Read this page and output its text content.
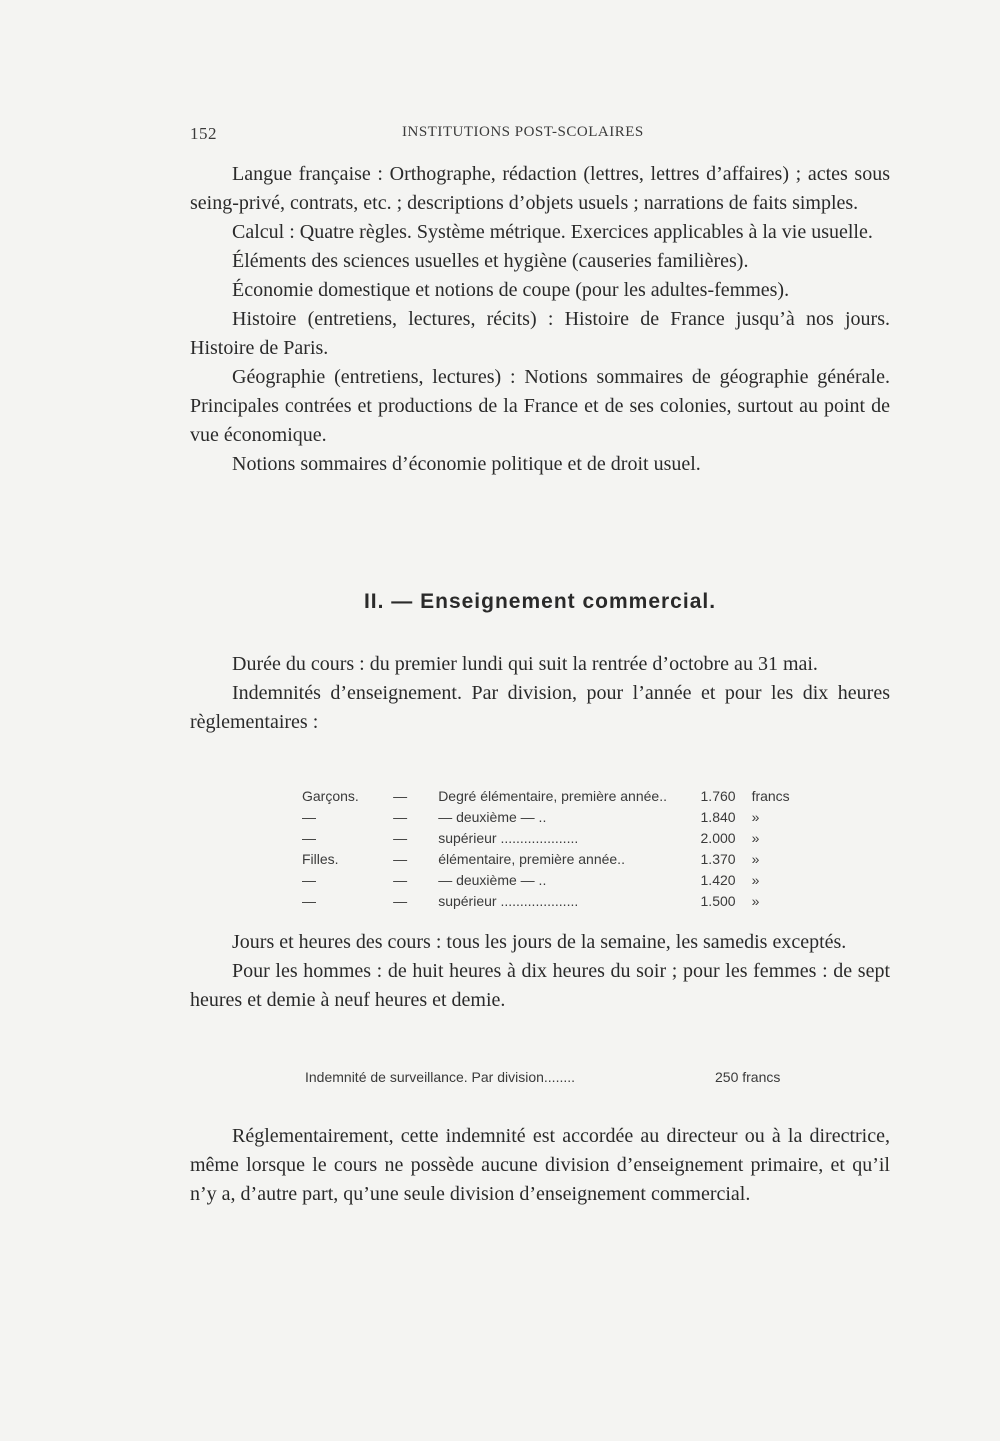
152	INSTITUTIONS POST-SCOLAIRES

Langue française : Orthographe, rédaction (lettres, lettres d’affaires) ; actes sous seing-privé, contrats, etc. ; descriptions d’objets usuels ; narrations de faits simples.

Calcul : Quatre règles. Système métrique. Exercices applicables à la vie usuelle.

Éléments des sciences usuelles et hygiène (causeries familières).

Économie domestique et notions de coupe (pour les adultes-femmes).

Histoire (entretiens, lectures, récits) : Histoire de France jusqu’à nos jours. Histoire de Paris.

Géographie (entretiens, lectures) : Notions sommaires de géographie générale. Principales contrées et productions de la France et de ses colonies, surtout au point de vue économique.

Notions sommaires d’économie politique et de droit usuel.

II. — Enseignement commercial.

Durée du cours : du premier lundi qui suit la rentrée d’octobre au 31 mai.

Indemnités d’enseignement. Par division, pour l’année et pour les dix heures règlementaires :

Garçons.	—	Degré élémentaire, première année..	1.760	francs
—	—	— deuxième — ..	1.840	»
—	—	supérieur ....................	2.000	»
Filles.	—	élémentaire, première année..	1.370	»
—	—	— deuxième — ..	1.420	»
—	—	supérieur ....................	1.500	»

Jours et heures des cours : tous les jours de la semaine, les samedis exceptés.

Pour les hommes : de huit heures à dix heures du soir ; pour les femmes : de sept heures et demie à neuf heures et demie.

Indemnité de surveillance. Par division........	250 francs

Réglementairement, cette indemnité est accordée au directeur ou à la directrice, même lorsque le cours ne possède aucune division d’enseignement primaire, et qu’il n’y a, d’autre part, qu’une seule division d’enseignement commercial.
